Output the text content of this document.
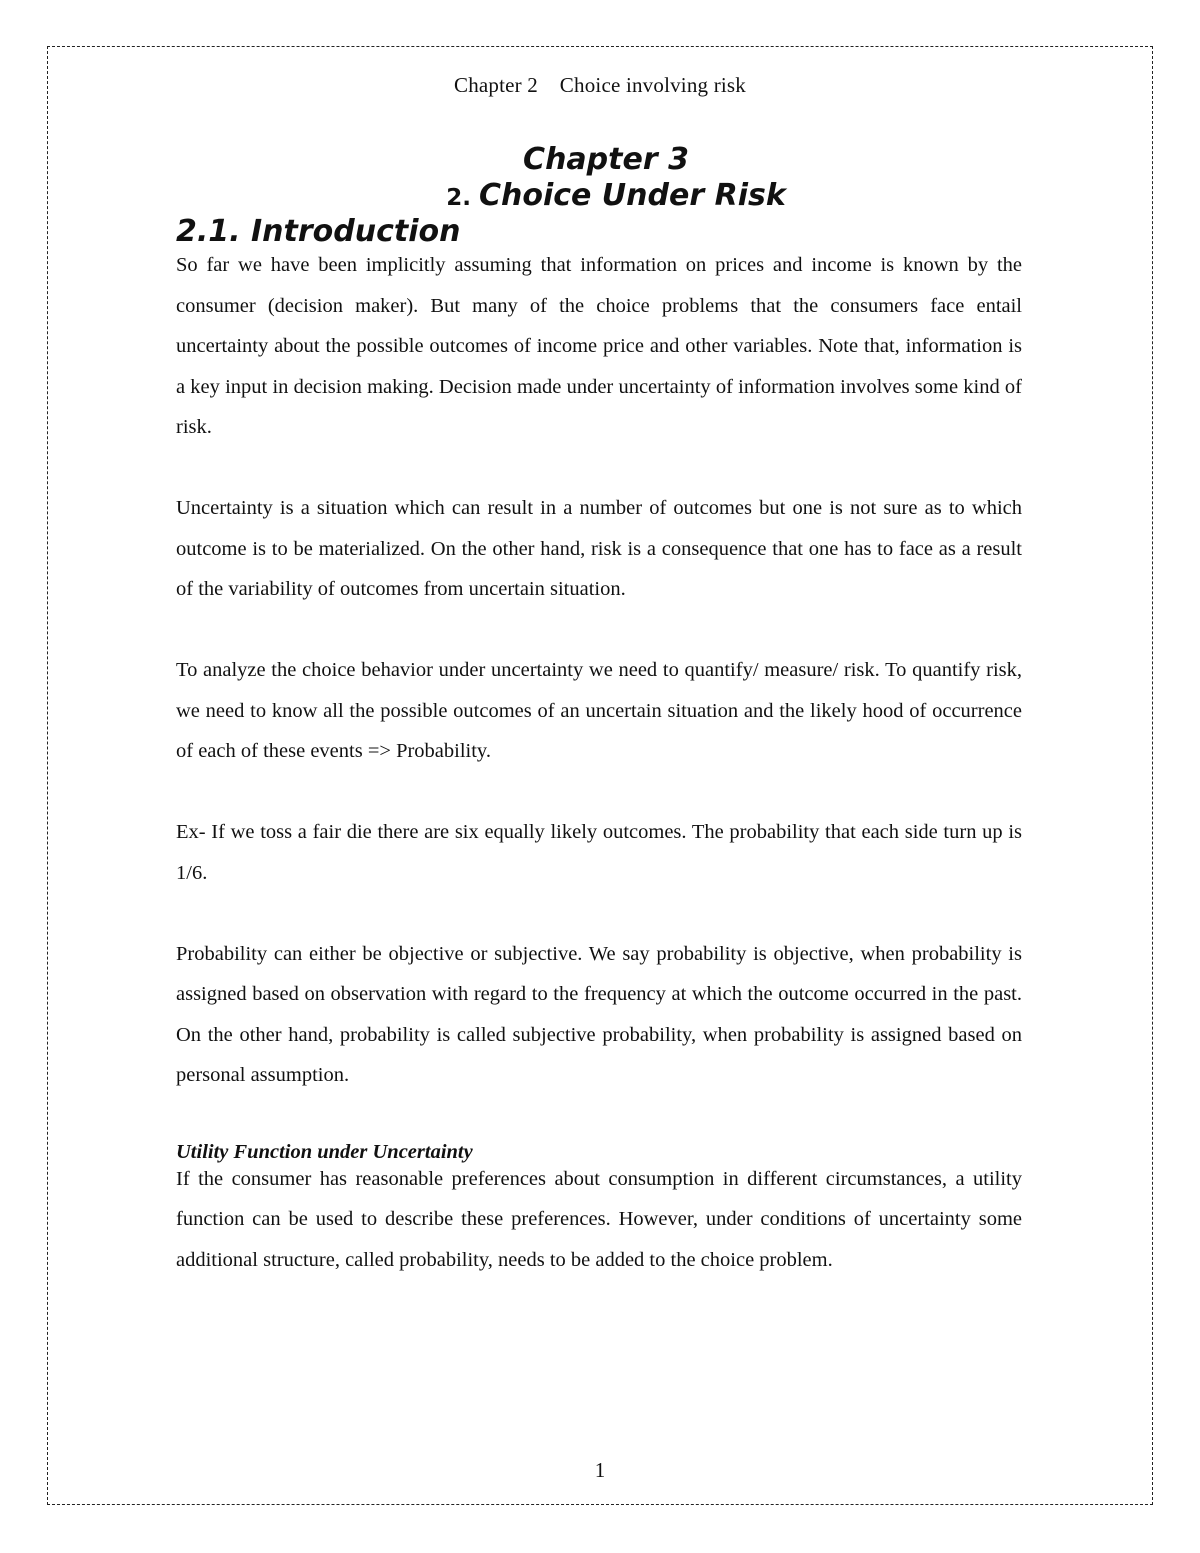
Chapter 2    Choice involving risk
Chapter 3
2. Choice Under Risk
2.1. Introduction

So far we have been implicitly assuming that information on prices and income is known by the consumer (decision maker). But many of the choice problems that the consumers face entail uncertainty about the possible outcomes of income price and other variables. Note that, information is a key input in decision making. Decision made under uncertainty of information involves some kind of risk.

Uncertainty is a situation which can result in a number of outcomes but one is not sure as to which outcome is to be materialized. On the other hand, risk is a consequence that one has to face as a result of the variability of outcomes from uncertain situation.

To analyze the choice behavior under uncertainty we need to quantify/ measure/ risk. To quantify risk, we need to know all the possible outcomes of an uncertain situation and the likely hood of occurrence of each of these events => Probability.

Ex- If we toss a fair die there are six equally likely outcomes. The probability that each side turn up is 1/6.

Probability can either be objective or subjective. We say probability is objective, when probability is assigned based on observation with regard to the frequency at which the outcome occurred in the past. On the other hand, probability is called subjective probability, when probability is assigned based on personal assumption.

Utility Function under Uncertainty

If the consumer has reasonable preferences about consumption in different circumstances, a utility function can be used to describe these preferences. However, under conditions of uncertainty some additional structure, called probability, needs to be added to the choice problem.

1
